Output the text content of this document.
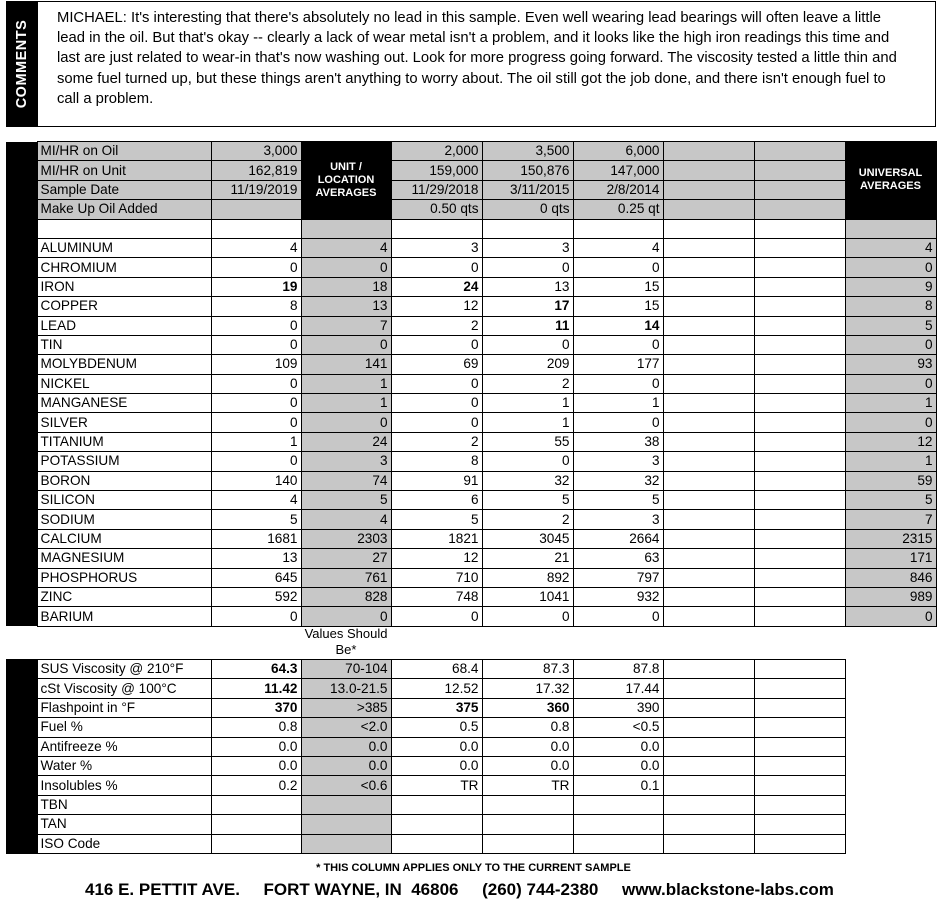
COMMENTS
MICHAEL: It's interesting that there's absolutely no lead in this sample. Even well wearing lead bearings will often leave a little lead in the oil. But that's okay -- clearly a lack of wear metal isn't a problem, and it looks like the high iron readings this time and last are just related to wear-in that's now washing out. Look for more progress going forward. The viscosity tested a little thin and some fuel turned up, but these things aren't anything to worry about. The oil still got the job done, and there isn't enough fuel to call a problem.
	MI/HR on Oil	3,000	UNIT / LOCATION AVERAGES	2,000	3,500	6,000			UNIVERSAL AVERAGES
	MI/HR on Unit	162,819		159,000	150,876	147,000			
	Sample Date	11/19/2019		11/29/2018	3/11/2015	2/8/2014			
	Make Up Oil Added			0.50 qts	0 qts	0.25 qt			

	ALUMINUM	4	4	3	3	4			4
	CHROMIUM	0	0	0	0	0			0
	IRON	19	18	24	13	15			9
	COPPER	8	13	12	17	15			8
	LEAD	0	7	2	11	14			5
	TIN	0	0	0	0	0			0
	MOLYBDENUM	109	141	69	209	177			93
	NICKEL	0	1	0	2	0			0
	MANGANESE	0	1	0	1	1			1
	SILVER	0	0	0	1	0			0
	TITANIUM	1	24	2	55	38			12
	POTASSIUM	0	3	8	0	3			1
	BORON	140	74	91	32	32			59
	SILICON	4	5	6	5	5			5
	SODIUM	5	4	5	2	3			7
	CALCIUM	1681	2303	1821	3045	2664			2315
	MAGNESIUM	13	27	12	21	63			171
	PHOSPHORUS	645	761	710	892	797			846
	ZINC	592	828	748	1041	932			989
	BARIUM	0	0	0	0	0			0
Values Should Be*
	SUS Viscosity @ 210°F	64.3	70-104	68.4	87.3	87.8		
	cSt Viscosity @ 100°C	11.42	13.0-21.5	12.52	17.32	17.44		
	Flashpoint in °F	370	>385	375	360	390		
	Fuel %	0.8	<2.0	0.5	0.8	<0.5		
	Antifreeze %	0.0	0.0	0.0	0.0	0.0		
	Water %	0.0	0.0	0.0	0.0	0.0		
	Insolubles %	0.2	<0.6	TR	TR	0.1		
	TBN							
	TAN							
	ISO Code							
* THIS COLUMN APPLIES ONLY TO THE CURRENT SAMPLE
416 E. PETTIT AVE.     FORT WAYNE, IN  46806     (260) 744-2380     www.blackstone-labs.com
